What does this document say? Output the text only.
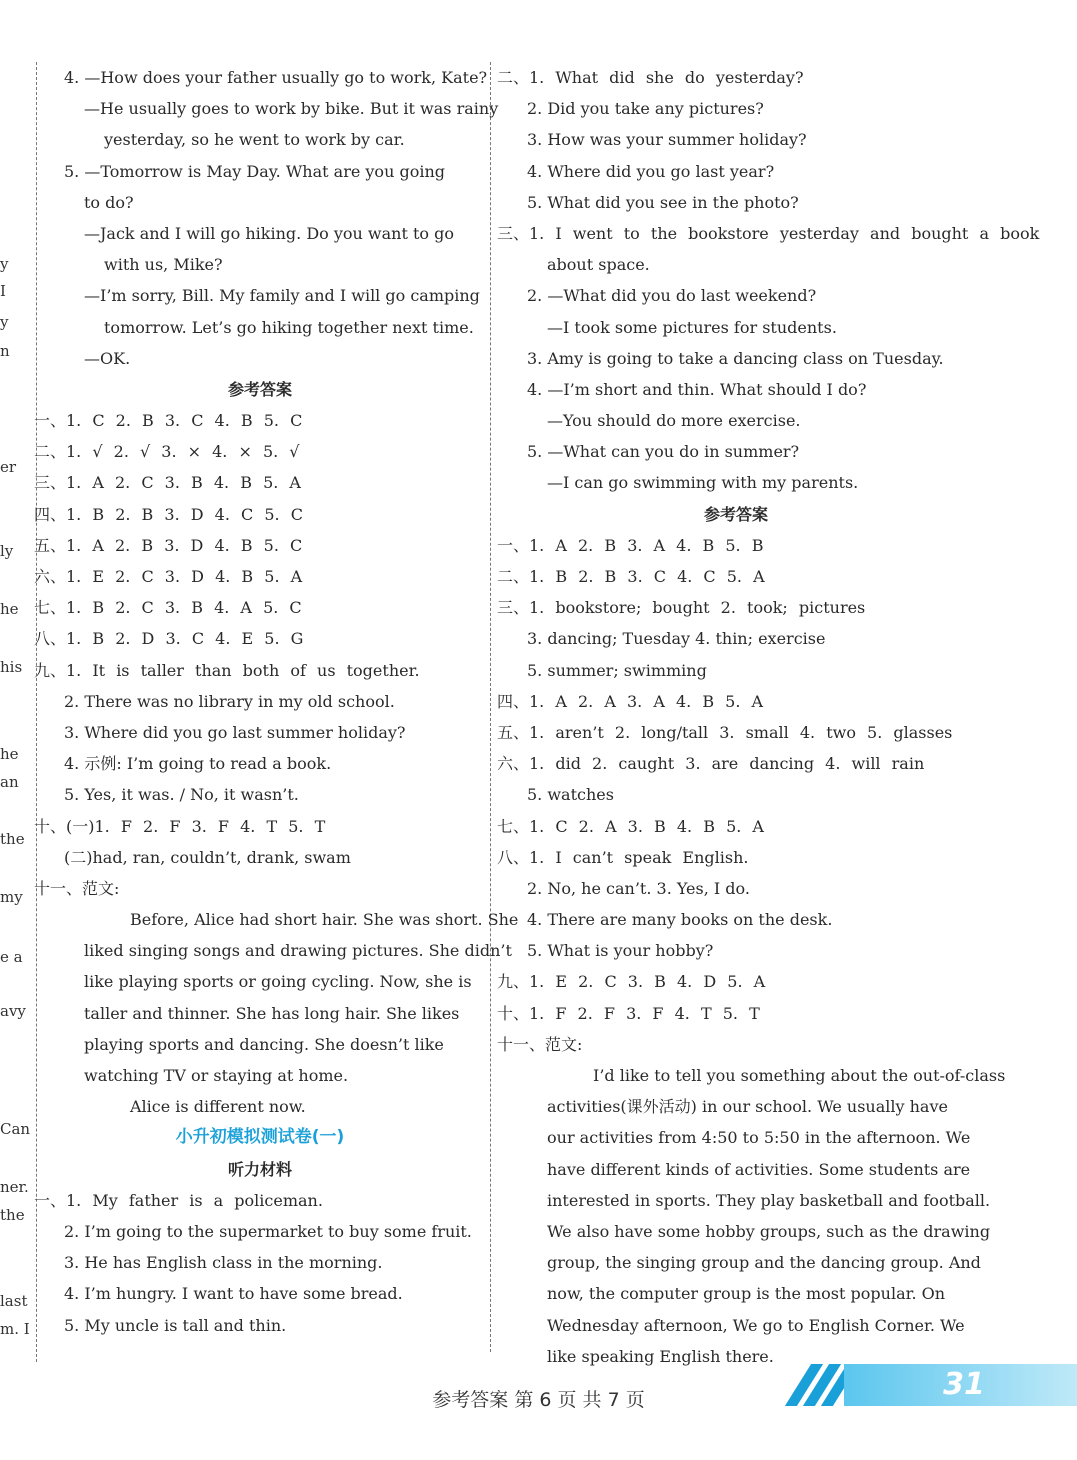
y
I
y
n
er
ly
he
his
he
an
the
my
e a
avy
Can
ner.
the
last
m. I
4. —How does your father usually go to work, Kate?
—He usually goes to work by bike. But it was rainy
yesterday, so he went to work by car.
5. —Tomorrow is May Day. What are you going
to do?
—Jack and I will go hiking. Do you want to go
with us, Mike?
—I’m sorry, Bill. My family and I will go camping
tomorrow. Let’s go hiking together next time.
—OK.
参考答案
一、1. C 2. B 3. C 4. B 5. C
二、1. √ 2. √ 3. × 4. × 5. √
三、1. A 2. C 3. B 4. B 5. A
四、1. B 2. B 3. D 4. C 5. C
五、1. A 2. B 3. D 4. B 5. C
六、1. E 2. C 3. D 4. B 5. A
七、1. B 2. C 3. B 4. A 5. C
八、1. B 2. D 3. C 4. E 5. G
九、1. It is taller than both of us together.
2. There was no library in my old school.
3. Where did you go last summer holiday?
4. 示例: I’m going to read a book.
5. Yes, it was. / No, it wasn’t.
十、(一)1. F 2. F 3. F 4. T 5. T
(二)had, ran, couldn’t, drank, swam
十一、范文:
Before, Alice had short hair. She was short. She
liked singing songs and drawing pictures. She didn’t
like playing sports or going cycling. Now, she is
taller and thinner. She has long hair. She likes
playing sports and dancing. She doesn’t like
watching TV or staying at home.
Alice is different now.
小升初模拟测试卷(一)
听力材料
一、1. My father is a policeman.
2. I’m going to the supermarket to buy some fruit.
3. He has English class in the morning.
4. I’m hungry. I want to have some bread.
5. My uncle is tall and thin.
二、1. What did she do yesterday?
2. Did you take any pictures?
3. How was your summer holiday?
4. Where did you go last year?
5. What did you see in the photo?
三、1. I went to the bookstore yesterday and bought a book
about space.
2. —What did you do last weekend?
—I took some pictures for students.
3. Amy is going to take a dancing class on Tuesday.
4. —I’m short and thin. What should I do?
—You should do more exercise.
5. —What can you do in summer?
—I can go swimming with my parents.
参考答案
一、1. A 2. B 3. A 4. B 5. B
二、1. B 2. B 3. C 4. C 5. A
三、1. bookstore; bought 2. took; pictures
3. dancing; Tuesday 4. thin; exercise
5. summer; swimming
四、1. A 2. A 3. A 4. B 5. A
五、1. aren’t 2. long/tall 3. small 4. two 5. glasses
六、1. did 2. caught 3. are dancing 4. will rain
5. watches
七、1. C 2. A 3. B 4. B 5. A
八、1. I can’t speak English.
2. No, he can’t. 3. Yes, I do.
4. There are many books on the desk.
5. What is your hobby?
九、1. E 2. C 3. B 4. D 5. A
十、1. F 2. F 3. F 4. T 5. T
十一、范文:
I’d like to tell you something about the out-of-class
activities(课外活动) in our school. We usually have
our activities from 4:50 to 5:50 in the afternoon. We
have different kinds of activities. Some students are
interested in sports. They play basketball and football.
We also have some hobby groups, such as the drawing
group, the singing group and the dancing group. And
now, the computer group is the most popular. On
Wednesday afternoon, We go to English Corner. We
like speaking English there.
参考答案 第 6 页 共 7 页	31
